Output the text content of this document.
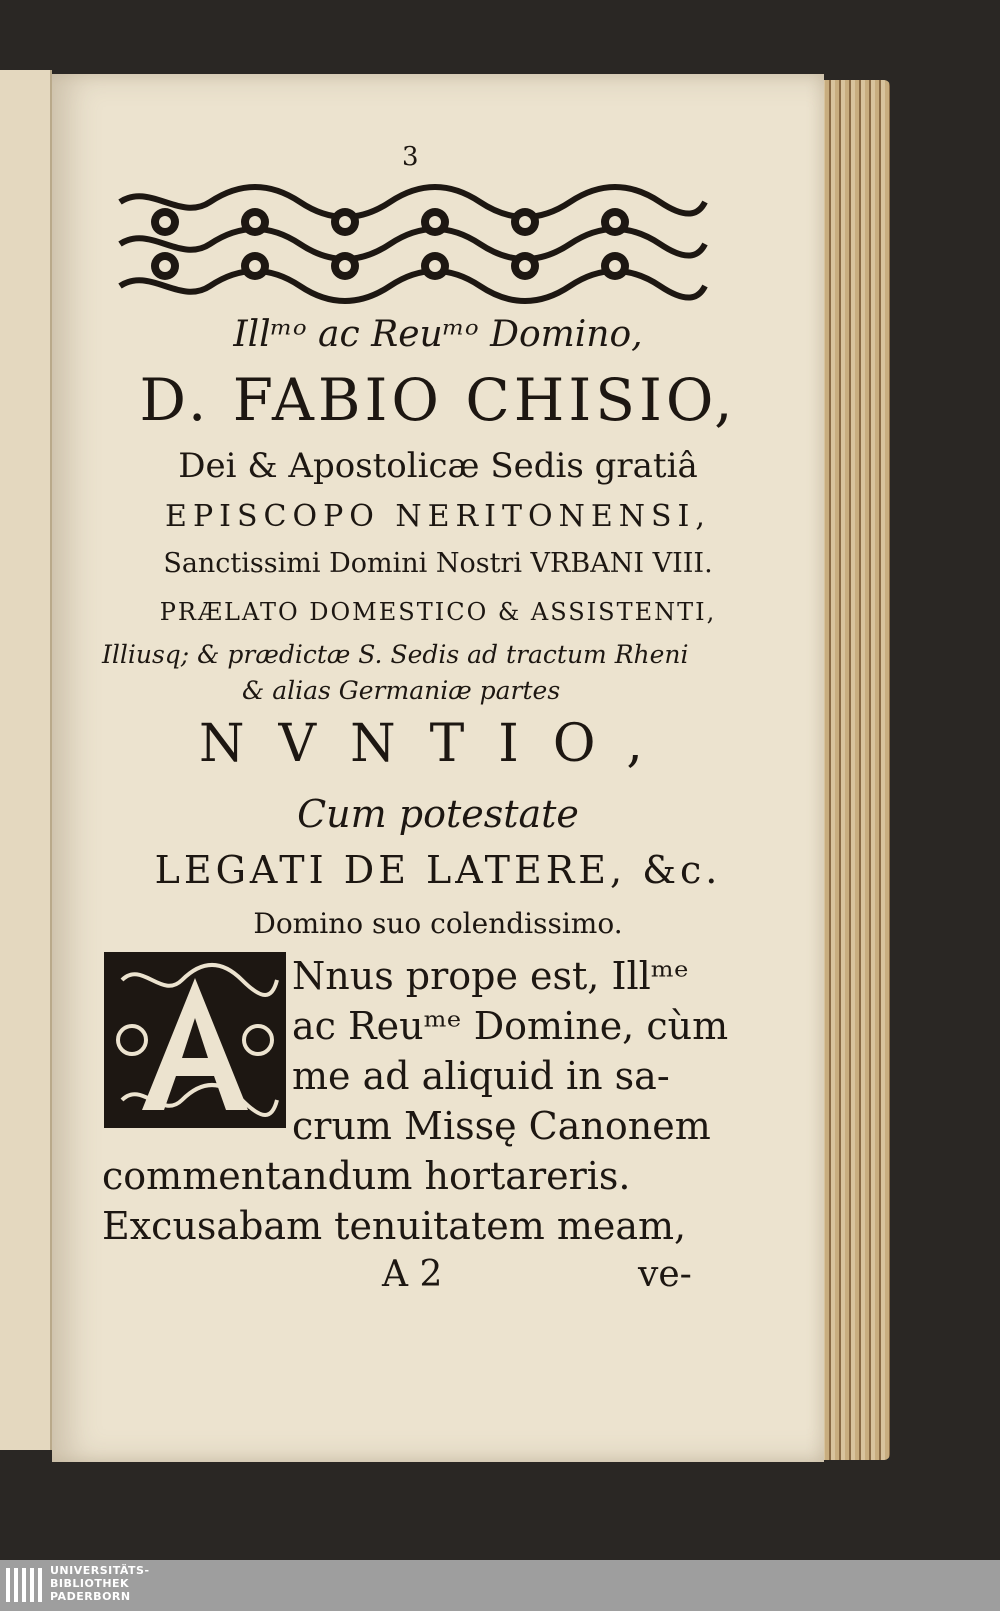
3
Illᵐᵒ ac Reuᵐᵒ Domino,
D. FABIO CHISIO,
Dei & Apostolicæ Sedis gratiâ
EPISCOPO NERITONENSI,
Sanctissimi Domini Nostri VRBANI VIII.
PRÆLATO DOMESTICO & ASSISTENTI,
Illiusq; & prædictæ S. Sedis ad tractum Rheni
& alias Germaniæ partes
NVNTIO,
Cum potestate
LEGATI DE LATERE, &c.
Domino suo colendissimo.
Nnus prope est, Illᵐᵉ
ac Reuᵐᵉ Domine, cùm
me ad aliquid in sa-
crum Missę Canonem
commentandum hortareris.
Excusabam tenuitatem meam,
A 2	ve-
UNIVERSITÄTS-
BIBLIOTHEK
PADERBORN
